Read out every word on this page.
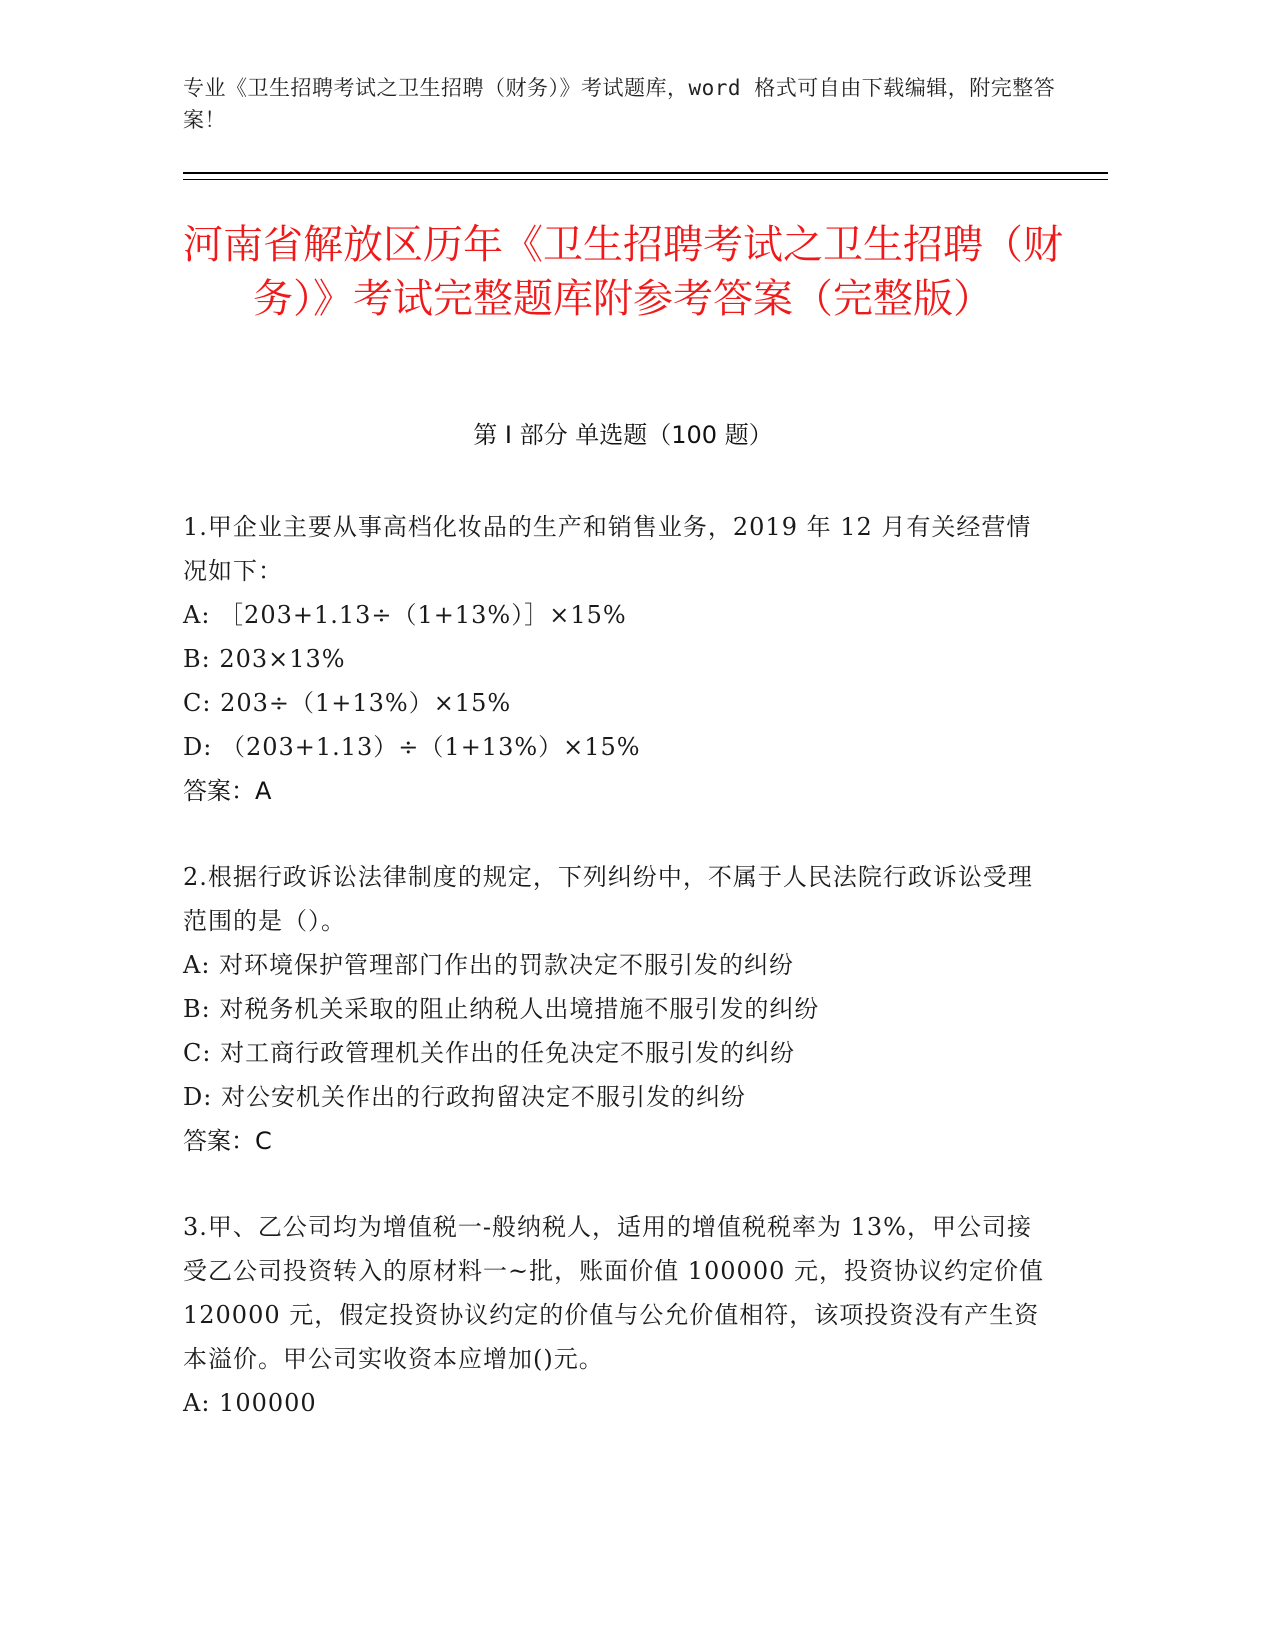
专业《卫生招聘考试之卫生招聘（财务）》考试题库，word 格式可自由下载编辑，附完整答案！
河南省解放区历年《卫生招聘考试之卫生招聘（财务）》考试完整题库附参考答案（完整版）
第 I 部分 单选题（100 题）
1.甲企业主要从事高档化妆品的生产和销售业务，2019 年 12 月有关经营情况如下：
A: ［203+1.13÷（1+13%）］×15%
B: 203×13%
C: 203÷（1+13%）×15%
D: （203+1.13）÷（1+13%）×15%
答案：A
2.根据行政诉讼法律制度的规定，下列纠纷中，不属于人民法院行政诉讼受理范围的是（）。
A: 对环境保护管理部门作出的罚款决定不服引发的纠纷
B: 对税务机关采取的阻止纳税人出境措施不服引发的纠纷
C: 对工商行政管理机关作出的任免决定不服引发的纠纷
D: 对公安机关作出的行政拘留决定不服引发的纠纷
答案：C
3.甲、乙公司均为增值税一-般纳税人，适用的增值税税率为 13%，甲公司接受乙公司投资转入的原材料一~批，账面价值 100000 元，投资协议约定价值 120000 元，假定投资协议约定的价值与公允价值相符，该项投资没有产生资本溢价。甲公司实收资本应增加()元。
A: 100000
